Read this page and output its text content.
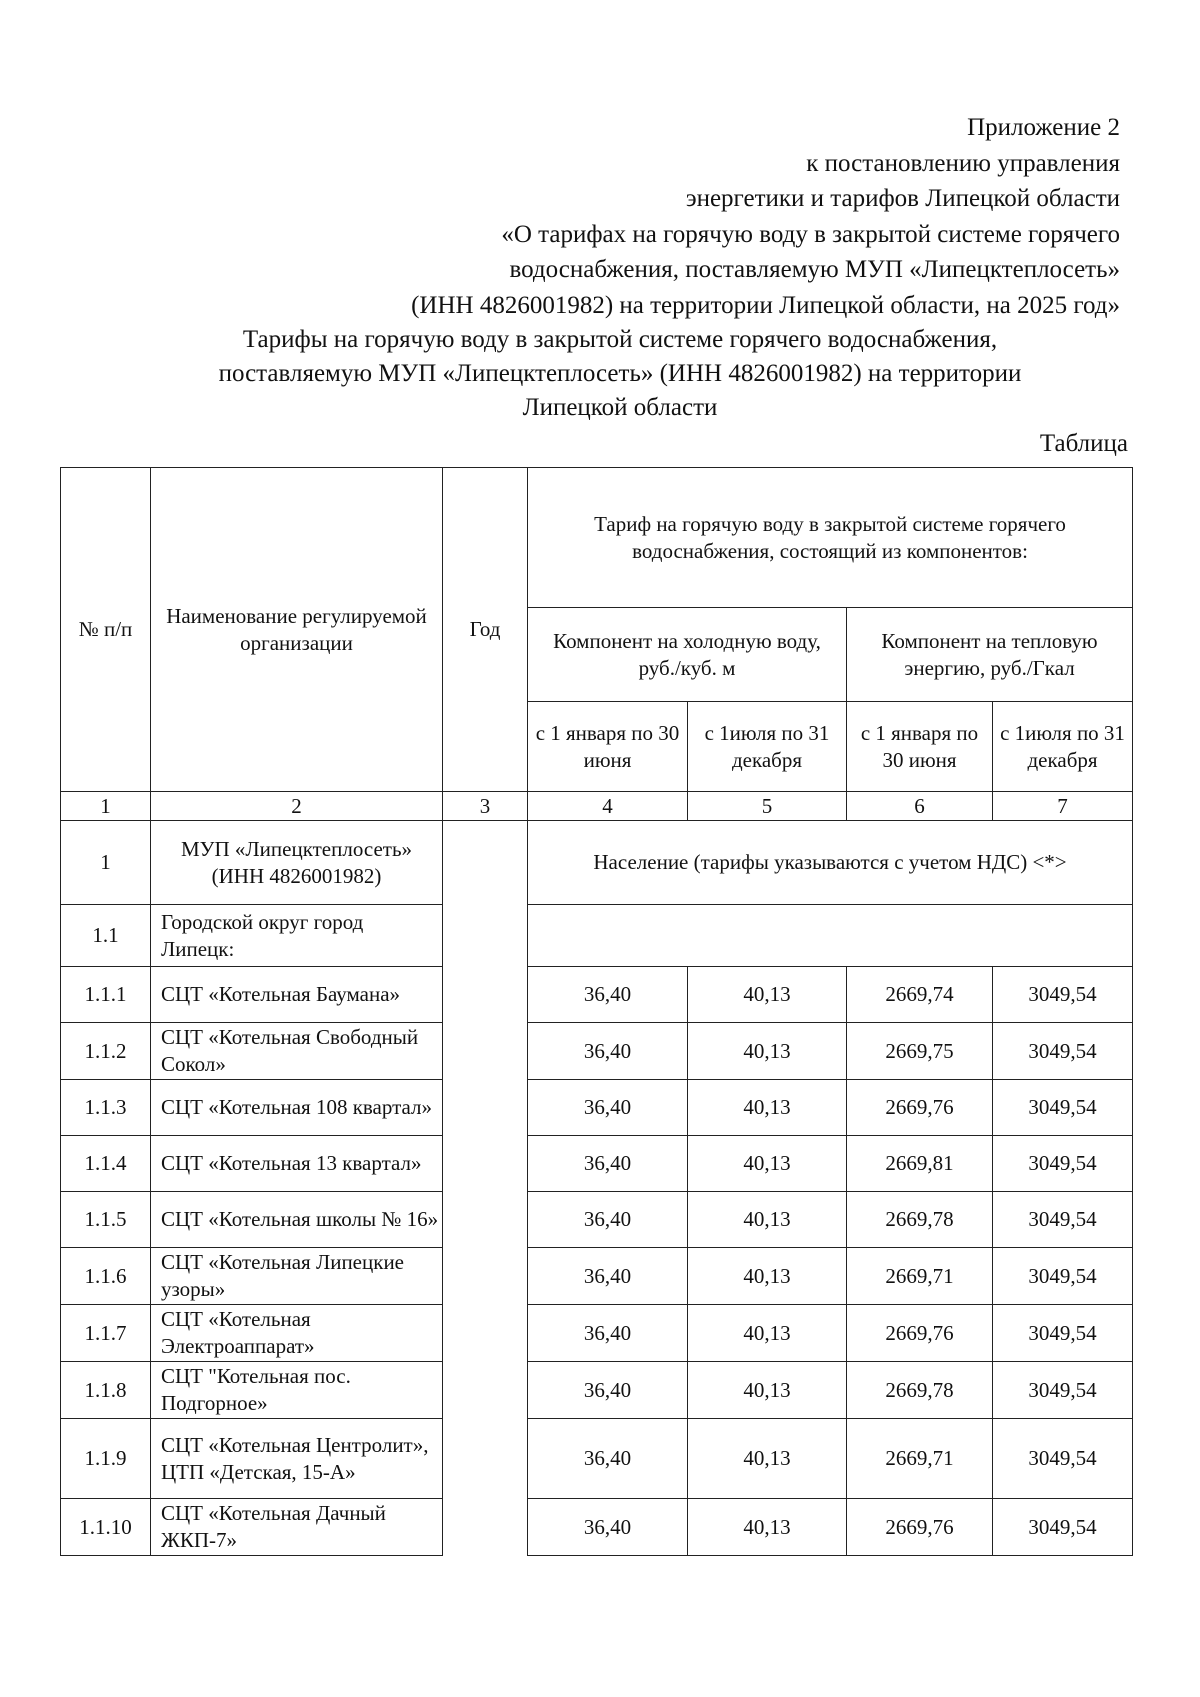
Приложение 2
к постановлению управления
энергетики и тарифов Липецкой области
«О тарифах на горячую воду в закрытой системе горячего
водоснабжения, поставляемую МУП «Липецктеплосеть»
(ИНН 4826001982) на территории Липецкой области, на 2025 год»
Тарифы на горячую воду в закрытой системе горячего водоснабжения,
поставляемую МУП «Липецктеплосеть» (ИНН 4826001982) на территории
Липецкой области
Таблица
№ п/п	Наименование регулируемой организации	Год	Тариф на горячую воду в закрытой системе горячего водоснабжения, состоящий из компонентов:			
			Компонент на холодную воду, руб./куб. м		Компонент на тепловую энергию, руб./Гкал	
			с 1 января по 30 июня	с 1июля по 31 декабря	с 1 января по 30 июня	с 1июля по 31 декабря
1	2	3	4	5	6	7
1	МУП «Липецктеплосеть» (ИНН 4826001982)		Население (тарифы указываются с учетом НДС) <*>			
1.1	Городской округ город Липецк:					
1.1.1	СЦТ «Котельная Баумана»		36,40	40,13	2669,74	3049,54
1.1.2	СЦТ «Котельная Свободный Сокол»		36,40	40,13	2669,75	3049,54
1.1.3	СЦТ «Котельная 108 квартал»		36,40	40,13	2669,76	3049,54
1.1.4	СЦТ «Котельная 13 квартал»		36,40	40,13	2669,81	3049,54
1.1.5	СЦТ «Котельная школы № 16»		36,40	40,13	2669,78	3049,54
1.1.6	СЦТ «Котельная Липецкие узоры»		36,40	40,13	2669,71	3049,54
1.1.7	СЦТ «Котельная Электроаппарат»		36,40	40,13	2669,76	3049,54
1.1.8	СЦТ "Котельная пос. Подгорное»		36,40	40,13	2669,78	3049,54
1.1.9	СЦТ «Котельная Центролит», ЦТП «Детская, 15-А»		36,40	40,13	2669,71	3049,54
1.1.10	СЦТ «Котельная Дачный ЖКП-7»		36,40	40,13	2669,76	3049,54
